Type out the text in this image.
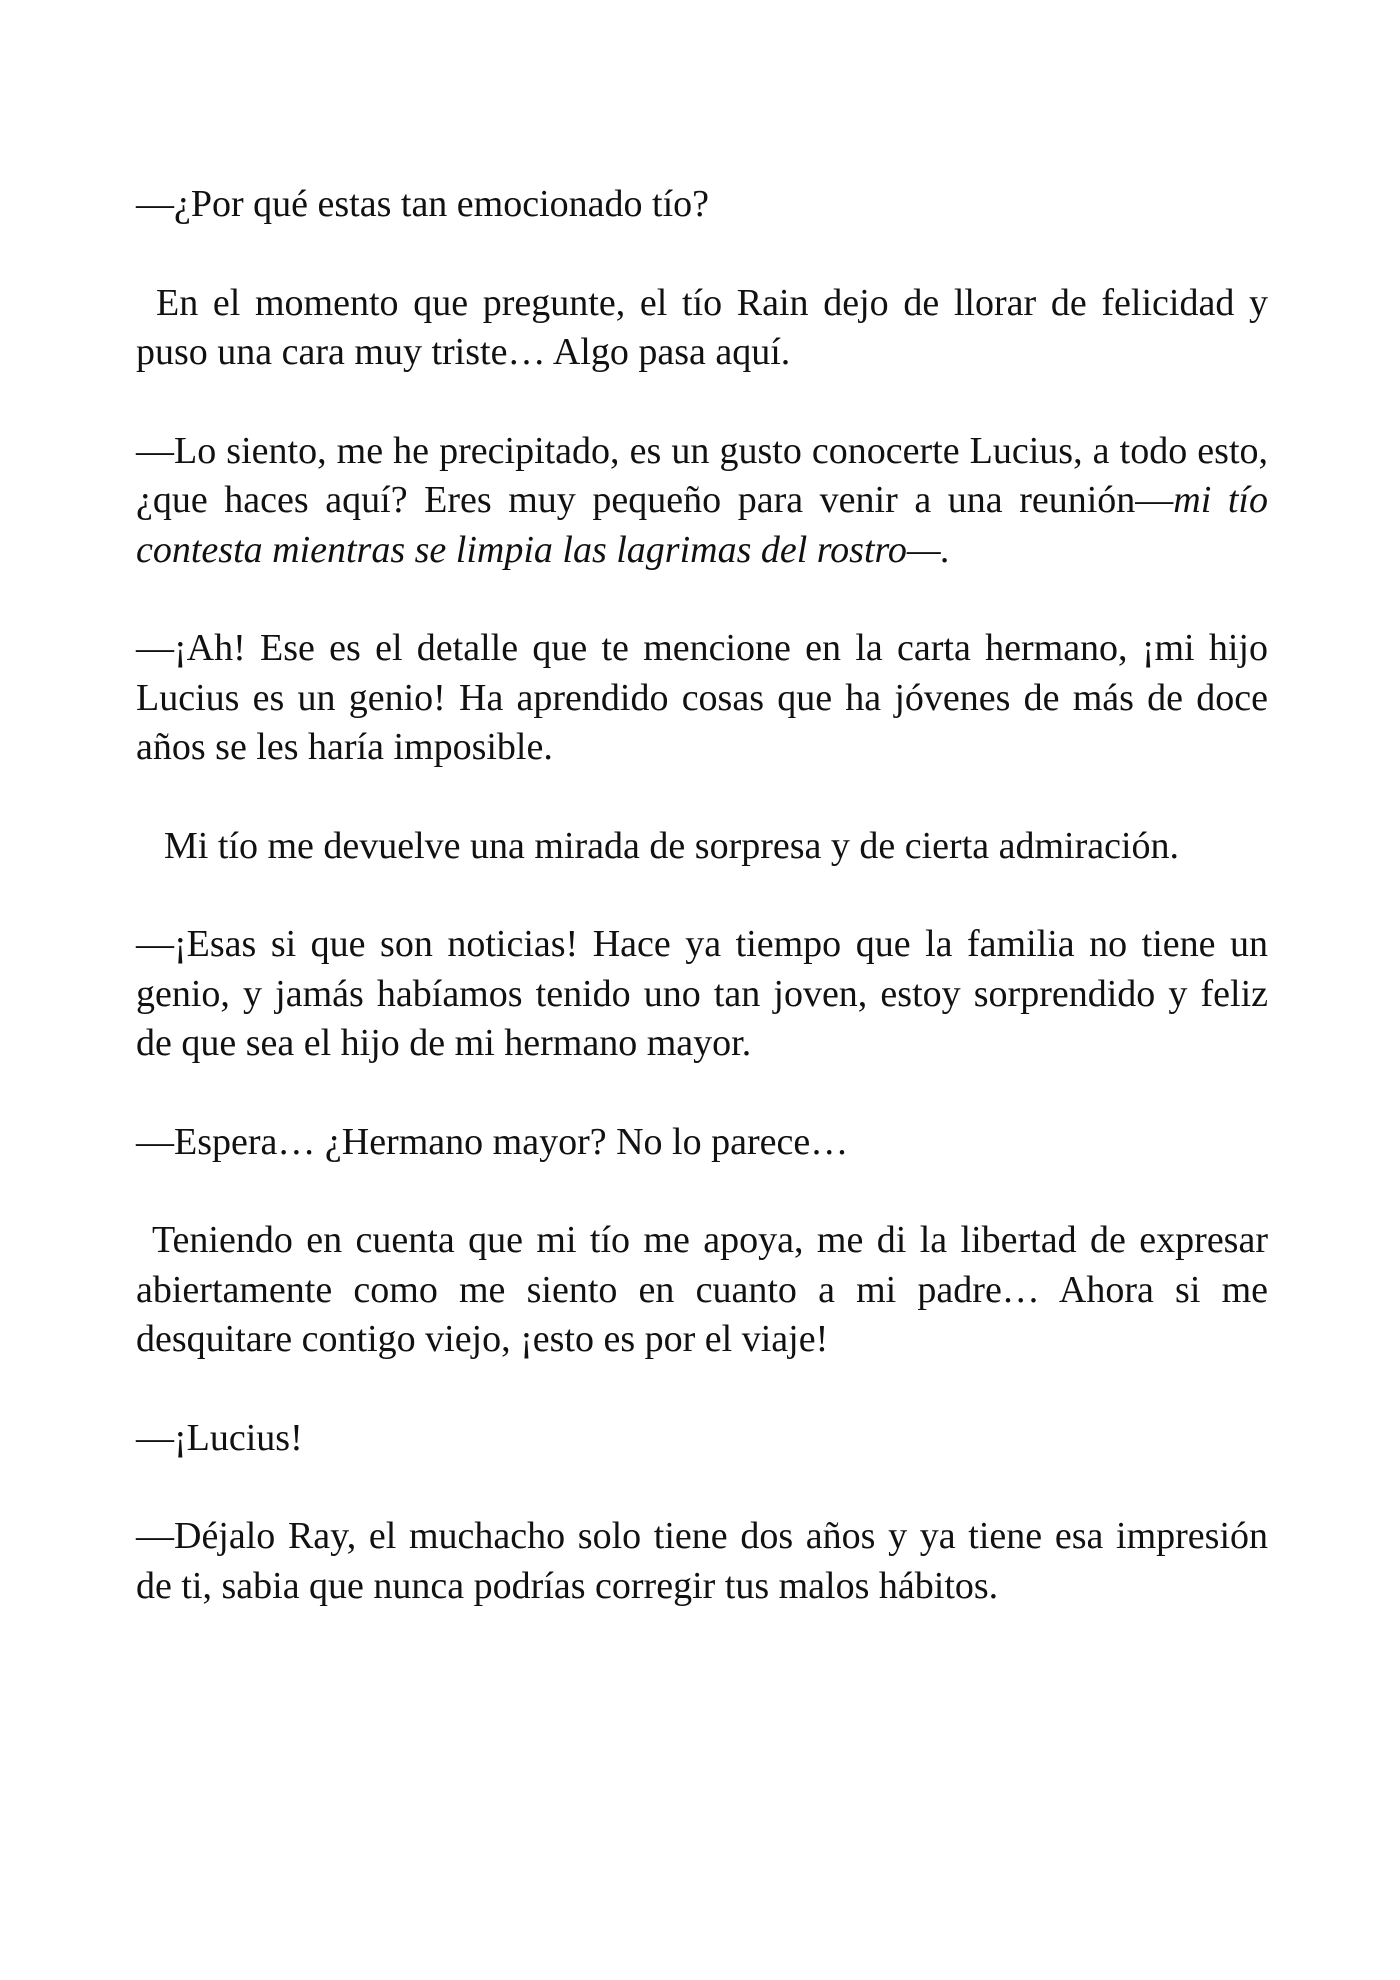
—¿Por qué estas tan emocionado tío?

En el momento que pregunte, el tío Rain dejo de llorar de felicidad y puso una cara muy triste… Algo pasa aquí.

—Lo siento, me he precipitado, es un gusto conocerte Lucius, a todo esto, ¿que haces aquí? Eres muy pequeño para venir a una reunión—mi tío contesta mientras se limpia las lagrimas del rostro—.

—¡Ah! Ese es el detalle que te mencione en la carta hermano, ¡mi hijo Lucius es un genio! Ha aprendido cosas que ha jóvenes de más de doce años se les haría imposible.

Mi tío me devuelve una mirada de sorpresa y de cierta admiración.

—¡Esas si que son noticias! Hace ya tiempo que la familia no tiene un genio, y jamás habíamos tenido uno tan joven, estoy sorprendido y feliz de que sea el hijo de mi hermano mayor.

—Espera… ¿Hermano mayor? No lo parece…

Teniendo en cuenta que mi tío me apoya, me di la libertad de expresar abiertamente como me siento en cuanto a mi padre… Ahora si me desquitare contigo viejo, ¡esto es por el viaje!

—¡Lucius!

—Déjalo Ray, el muchacho solo tiene dos años y ya tiene esa impresión de ti, sabia que nunca podrías corregir tus malos hábitos.
